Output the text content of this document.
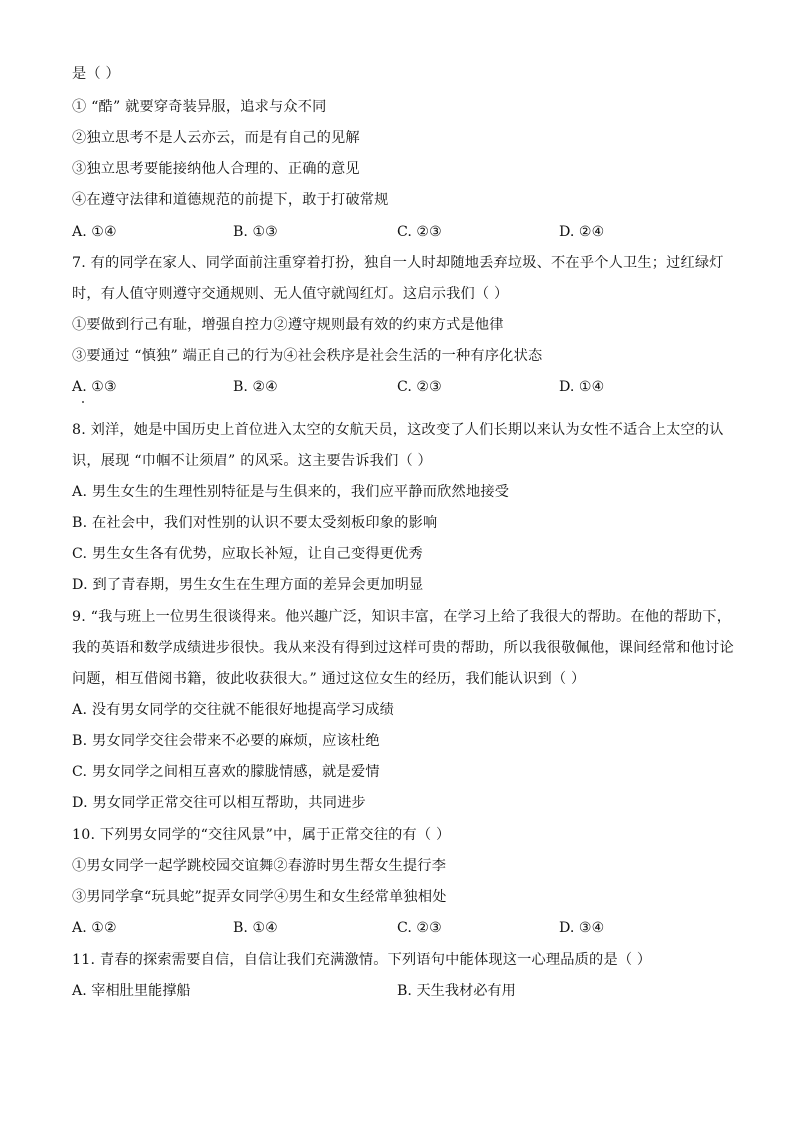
是（ ）
① “酷” 就要穿奇装异服，追求与众不同
②独立思考不是人云亦云，而是有自己的见解
③独立思考要能接纳他人合理的、正确的意见
④在遵守法律和道德规范的前提下，敢于打破常规
A. ①④	B. ①③	C. ②③	D. ②④
7. 有的同学在家人、同学面前注重穿着打扮，独自一人时却随地丢弃垃圾、不在乎个人卫生；过红绿灯
时，有人值守则遵守交通规则、无人值守就闯红灯。这启示我们（ ）
①要做到行己有耻，增强自控力②遵守规则最有效的约束方式是他律
③要通过 “慎独” 端正自己的行为④社会秩序是社会生活的一种有序化状态
A. ①③	B. ②④	C. ②③	D. ①④
8. 刘洋，她是中国历史上首位进入太空的女航天员，这改变了人们长期以来认为女性不适合上太空的认
识，展现 “巾帼不让须眉” 的风采。这主要告诉我们（ ）
A. 男生女生的生理性别特征是与生俱来的，我们应平静而欣然地接受
B. 在社会中，我们对性别的认识不要太受刻板印象的影响
C. 男生女生各有优势，应取长补短，让自己变得更优秀
D. 到了青春期，男生女生在生理方面的差异会更加明显
9. “我与班上一位男生很谈得来。他兴趣广泛，知识丰富，在学习上给了我很大的帮助。在他的帮助下，
我的英语和数学成绩进步很快。我从来没有得到过这样可贵的帮助，所以我很敬佩他，课间经常和他讨论
问题，相互借阅书籍，彼此收获很大。” 通过这位女生的经历，我们能认识到（ ）
A. 没有男女同学的交往就不能很好地提高学习成绩
B. 男女同学交往会带来不必要的麻烦，应该杜绝
C. 男女同学之间相互喜欢的朦胧情感，就是爱情
D. 男女同学正常交往可以相互帮助，共同进步
10. 下列男女同学的“交往风景”中，属于正常交往的有（ ）
①男女同学一起学跳校园交谊舞②春游时男生帮女生提行李
③男同学拿“玩具蛇”捉弄女同学④男生和女生经常单独相处
A. ①②	B. ①④	C. ②③	D. ③④
11. 青春的探索需要自信，自信让我们充满激情。下列语句中能体现这一心理品质的是（ ）
A. 宰相肚里能撑船	B. 天生我材必有用
